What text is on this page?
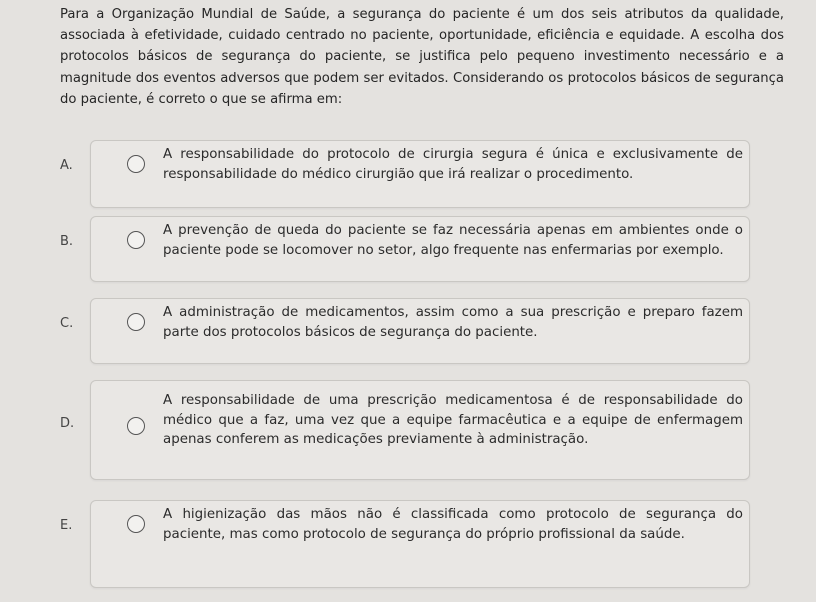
Para a Organização Mundial de Saúde, a segurança do paciente é um dos seis atributos da qualidade, associada à efetividade, cuidado centrado no paciente, oportunidade, eficiência e equidade. A escolha dos protocolos básicos de segurança do paciente, se justifica pelo pequeno investimento necessário e a magnitude dos eventos adversos que podem ser evitados. Considerando os protocolos básicos de segurança do paciente, é correto o que se afirma em:
A.
A responsabilidade do protocolo de cirurgia segura é única e exclusivamente de responsabilidade do médico cirurgião que irá realizar o procedimento.
B.
A prevenção de queda do paciente se faz necessária apenas em ambientes onde o paciente pode se locomover no setor, algo frequente nas enfermarias por exemplo.
C.
A administração de medicamentos, assim como a sua prescrição e preparo fazem parte dos protocolos básicos de segurança do paciente.
D.
A responsabilidade de uma prescrição medicamentosa é de responsabilidade do médico que a faz, uma vez que a equipe farmacêutica e a equipe de enfermagem apenas conferem as medicações previamente à administração.
E.
A higienização das mãos não é classificada como protocolo de segurança do paciente, mas como protocolo de segurança do próprio profissional da saúde.
